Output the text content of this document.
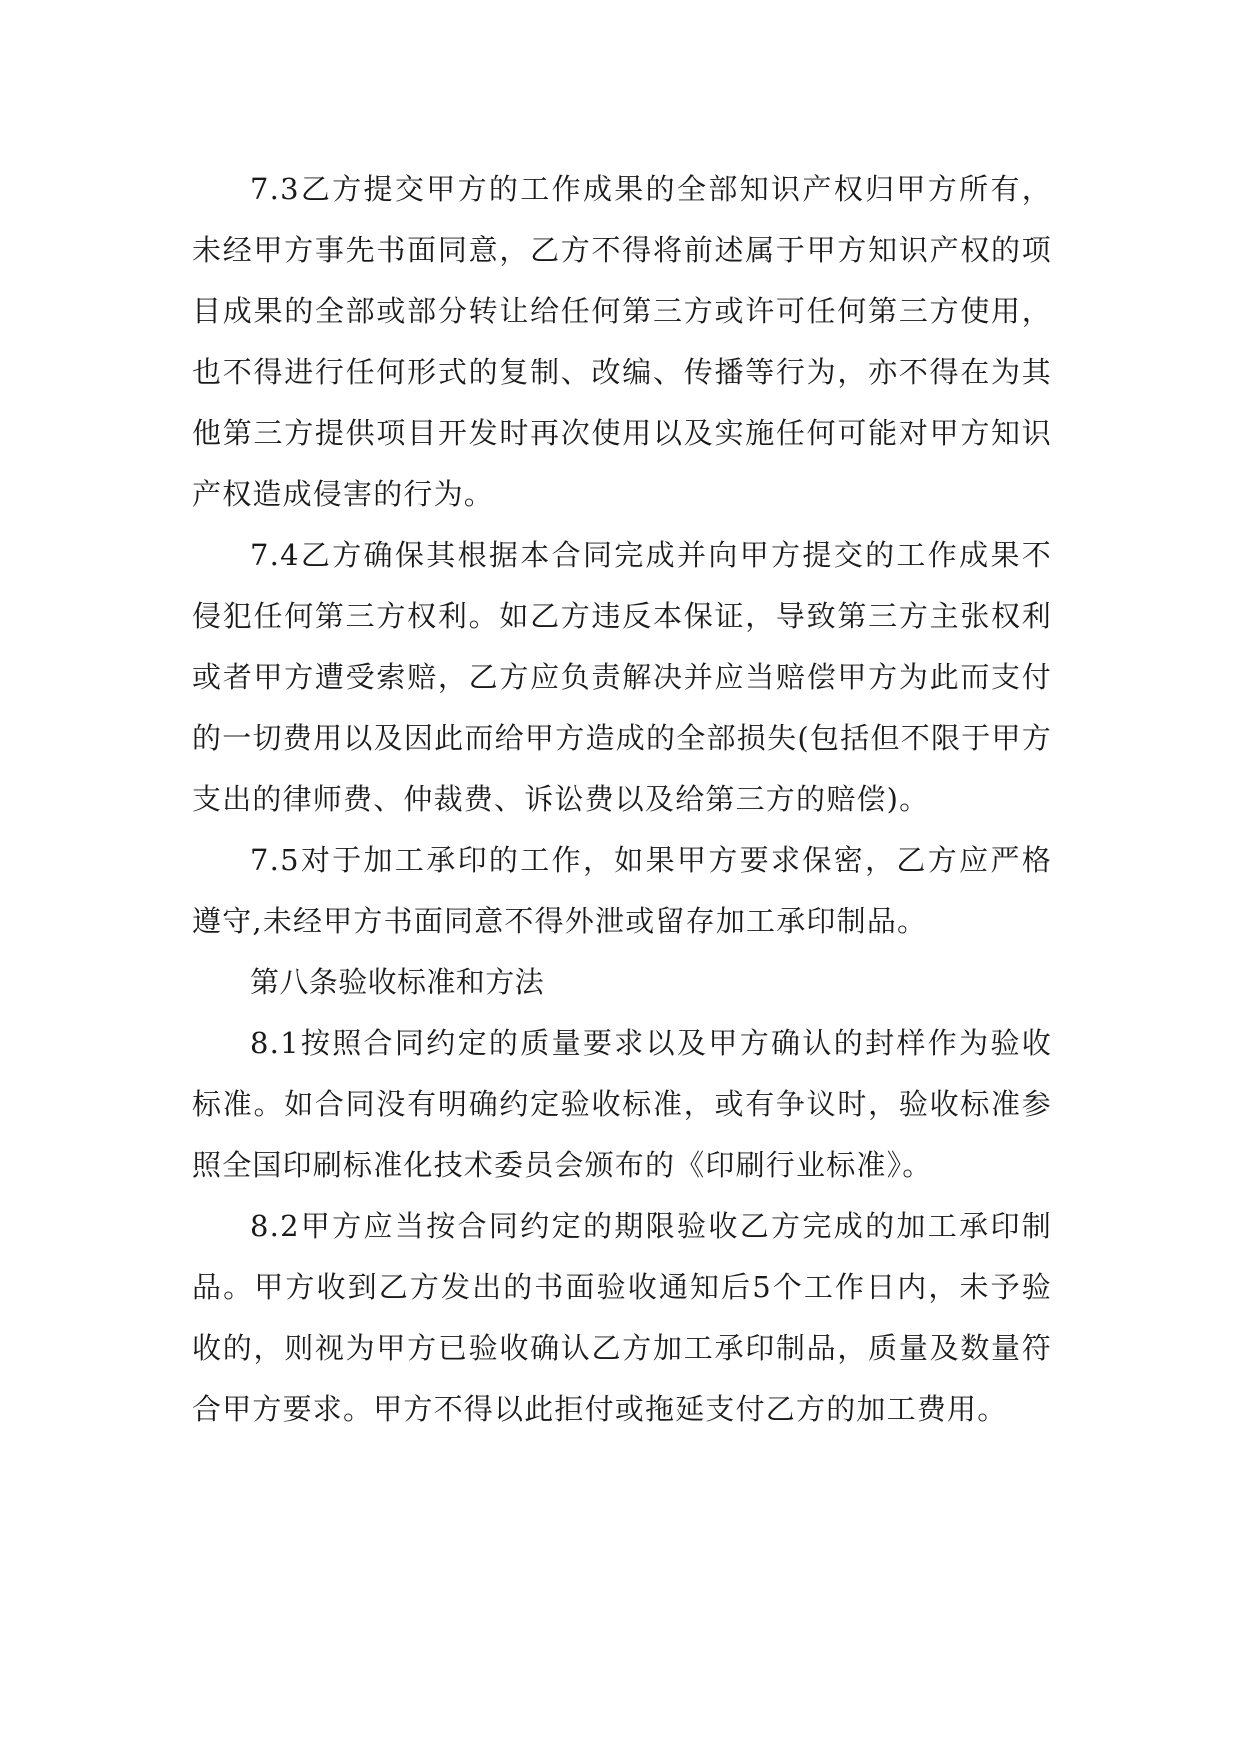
7.3乙方提交甲方的工作成果的全部知识产权归甲方所有，未经甲方事先书面同意，乙方不得将前述属于甲方知识产权的项目成果的全部或部分转让给任何第三方或许可任何第三方使用，也不得进行任何形式的复制、改编、传播等行为，亦不得在为其他第三方提供项目开发时再次使用以及实施任何可能对甲方知识产权造成侵害的行为。

7.4乙方确保其根据本合同完成并向甲方提交的工作成果不侵犯任何第三方权利。如乙方违反本保证，导致第三方主张权利或者甲方遭受索赔，乙方应负责解决并应当赔偿甲方为此而支付的一切费用以及因此而给甲方造成的全部损失(包括但不限于甲方支出的律师费、仲裁费、诉讼费以及给第三方的赔偿)。

7.5对于加工承印的工作，如果甲方要求保密，乙方应严格遵守,未经甲方书面同意不得外泄或留存加工承印制品。

第八条验收标准和方法

8.1按照合同约定的质量要求以及甲方确认的封样作为验收标准。如合同没有明确约定验收标准，或有争议时，验收标准参照全国印刷标准化技术委员会颁布的《印刷行业标准》。

8.2甲方应当按合同约定的期限验收乙方完成的加工承印制品。甲方收到乙方发出的书面验收通知后5个工作日内，未予验收的，则视为甲方已验收确认乙方加工承印制品，质量及数量符合甲方要求。甲方不得以此拒付或拖延支付乙方的加工费用。
